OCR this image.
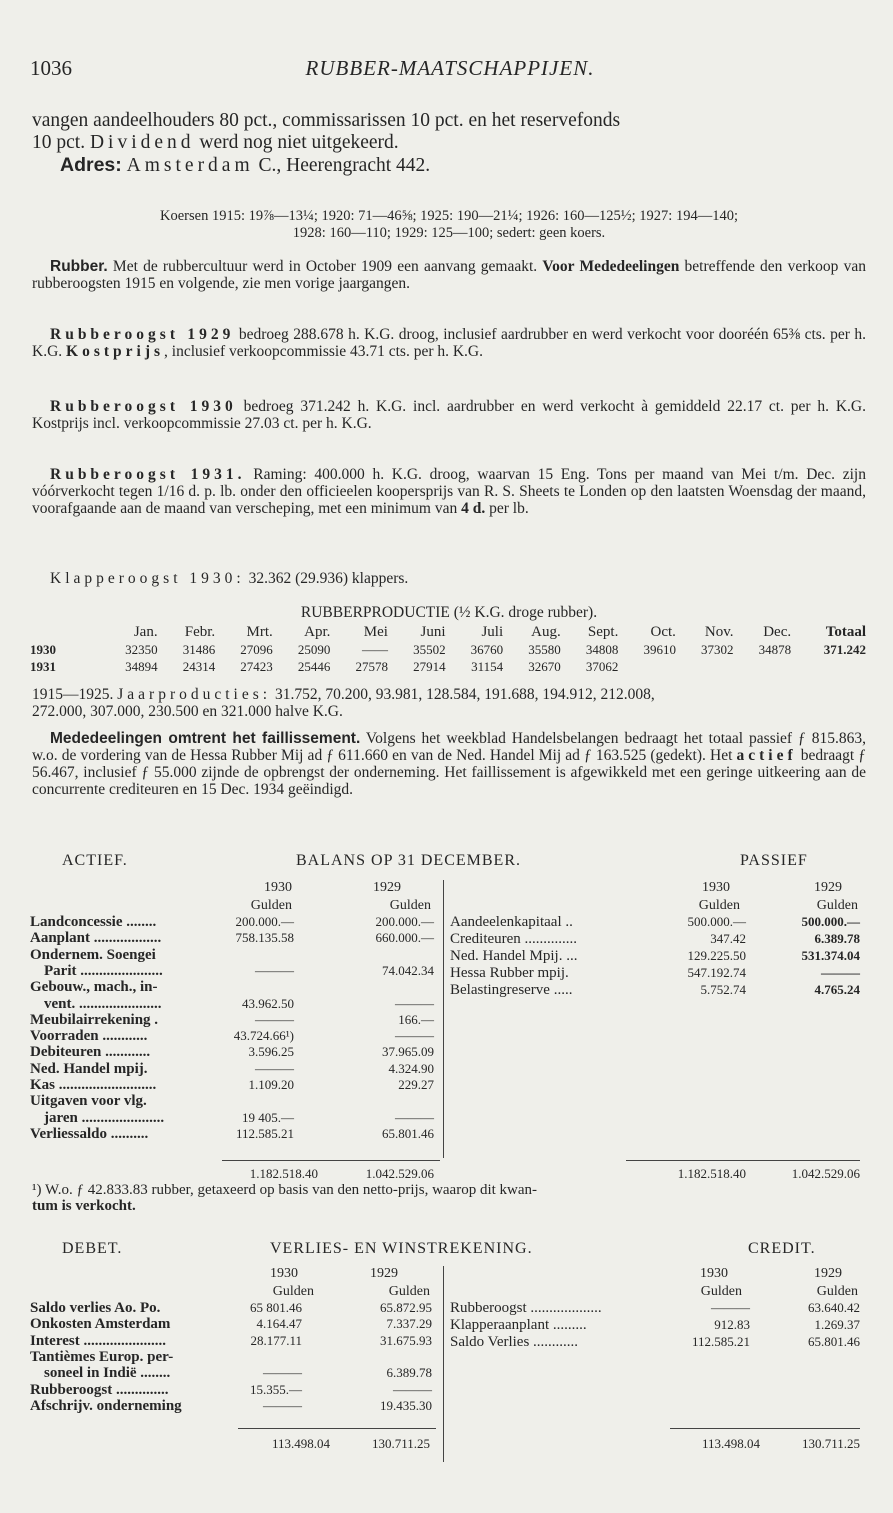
1036	RUBBER-MAATSCHAPPIJEN.
vangen aandeelhouders 80 pct., commissarissen 10 pct. en het reservefonds
10 pct. Dividend werd nog niet uitgekeerd.
Adres: Amsterdam C., Heerengracht 442.
Koersen 1915: 19⅞—13¼; 1920: 71—46⅝; 1925: 190—21¼; 1926: 160—125½; 1927: 194—140;
1928: 160—110; 1929: 125—100; sedert: geen koers.
Rubber. Met de rubbercultuur werd in October 1909 een aanvang gemaakt. Voor Mededeelingen betreffende den verkoop van rubberoogsten 1915 en volgende, zie men vorige jaargangen.
Rubberoogst 1929 bedroeg 288.678 h. K.G. droog, inclusief aardrubber en werd verkocht voor dooréén 65⅜ cts. per h. K.G. Kostprijs, inclusief verkoopcommissie 43.71 cts. per h. K.G.
Rubberoogst 1930 bedroeg 371.242 h. K.G. incl. aardrubber en werd verkocht à gemiddeld 22.17 ct. per h. K.G. Kostprijs incl. verkoopcommissie 27.03 ct. per h. K.G.
Rubberoogst 1931. Raming: 400.000 h. K.G. droog, waarvan 15 Eng. Tons per maand van Mei t/m. Dec. zijn vóórverkocht tegen 1/16 d. p. lb. onder den officieelen koopersprijs van R. S. Sheets te Londen op den laatsten Woensdag der maand, voorafgaande aan de maand van verscheping, met een minimum van 4 d. per lb.
Klapperoogst 1930: 32.362 (29.936) klappers.
RUBBERPRODUCTIE (½ K.G. droge rubber).
	Jan.	Febr.	Mrt.	Apr.	Mei	Juni	Juli	Aug.	Sept.	Oct.	Nov.	Dec.	Totaal
1930	32350	31486	27096	25090	——	35502	36760	35580	34808	39610	37302	34878	371.242
1931	34894	24314	27423	25446	27578	27914	31154	32670	37062				
1915—1925. Jaarproducties: 31.752, 70.200, 93.981, 128.584, 191.688, 194.912, 212.008,
272.000, 307.000, 230.500 en 321.000 halve K.G.
Mededeelingen omtrent het faillissement. Volgens het weekblad Handelsbelangen bedraagt het totaal passief ƒ 815.863, w.o. de vordering van de Hessa Rubber Mij ad ƒ 611.660 en van de Ned. Handel Mij ad ƒ 163.525 (gedekt). Het actief bedraagt ƒ 56.467, inclusief ƒ 55.000 zijnde de opbrengst der onderneming. Het faillissement is afgewikkeld met een geringe uitkeering aan de concurrente crediteuren en 15 Dec. 1934 geëindigd.
ACTIEF.	BALANS OP 31 DECEMBER.	PASSIEF
1930
Gulden
1929
Gulden
1930
Gulden
1929
Gulden
Landconcessie ........	200.000.—	200.000.—
Aanplant ..................	758.135.58	660.000.—
Ondernem. Soengei
Parit ......................	———	74.042.34
Gebouw., mach., in-
vent. ......................	43.962.50	———
Meubilairrekening .	———	166.—
Voorraden ............	43.724.66¹)	———
Debiteuren ............	3.596.25	37.965.09
Ned. Handel mpij.	———	4.324.90
Kas ..........................	1.109.20	229.27
Uitgaven voor vlg.
jaren ......................	19 405.—	———
Verliessaldo ..........	112.585.21	65.801.46
Aandeelenkapitaal ..	500.000.—	500.000.—
Crediteuren ..............	347.42	6.389.78
Ned. Handel Mpij. ...	129.225.50	531.374.04
Hessa Rubber mpij.	547.192.74	———
Belastingreserve .....	5.752.74	4.765.24
1.182.518.40	1.042.529.06	1.182.518.40	1.042.529.06
¹) W.o. ƒ 42.833.83 rubber, getaxeerd op basis van den netto-prijs, waarop dit kwan-
tum is verkocht.
DEBET.	VERLIES- EN WINSTREKENING.	CREDIT.
1930
Gulden
1929
Gulden
1930
Gulden
1929
Gulden
Saldo verlies Ao. Po.	65 801.46	65.872.95
Onkosten Amsterdam	4.164.47	7.337.29
Interest ......................	28.177.11	31.675.93
Tantièmes Europ. per-
soneel in Indië ........	———	6.389.78
Rubberoogst ..............	15.355.—	———
Afschrijv. onderneming	———	19.435.30
Rubberoogst ...................	———	63.640.42
Klapperaanplant .........	912.83	1.269.37
Saldo Verlies ............	112.585.21	65.801.46
113.498.04	130.711.25	113.498.04	130.711.25
